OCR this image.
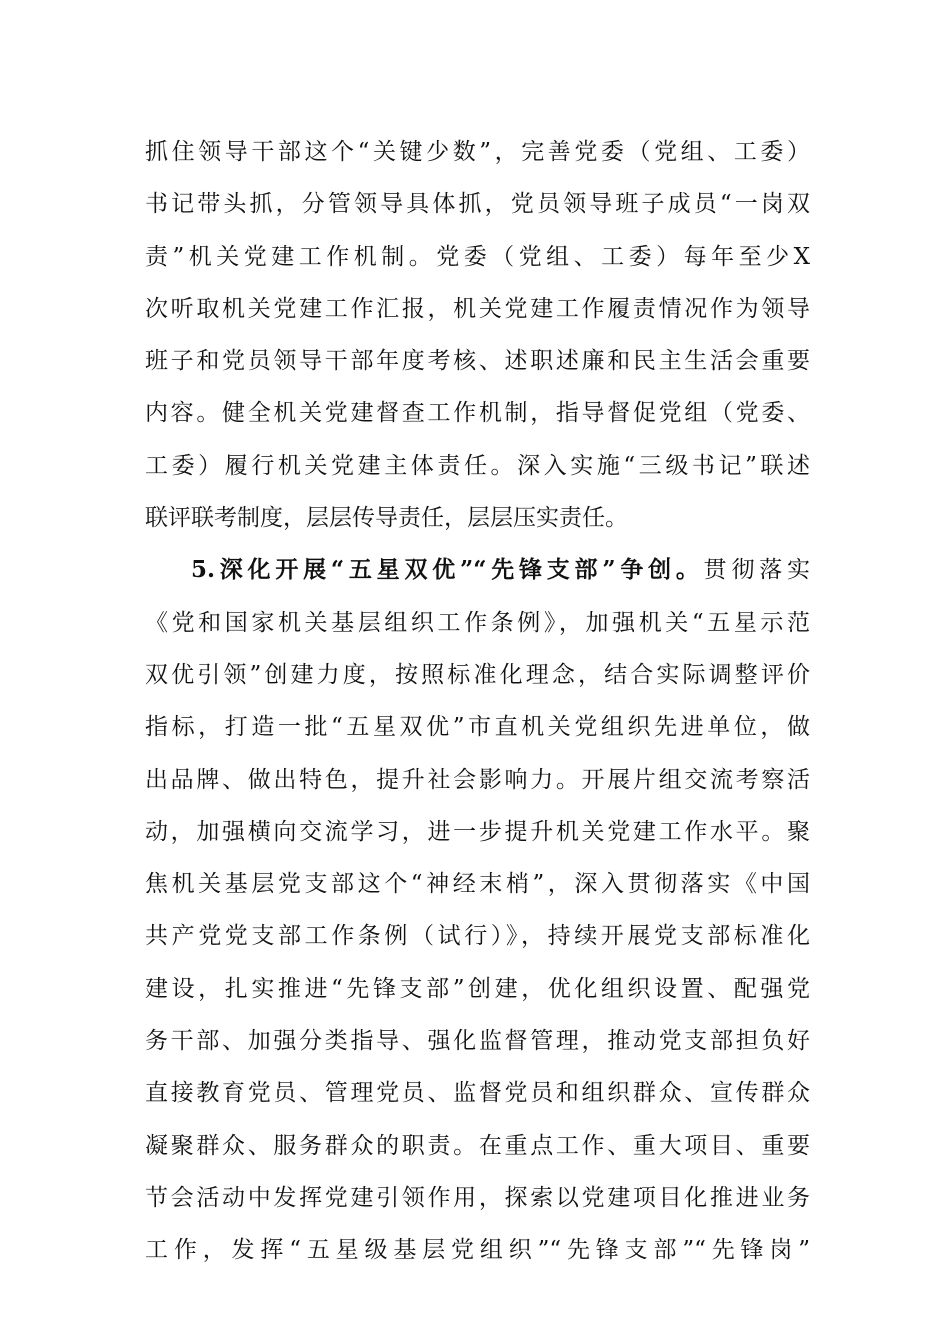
抓住领导干部这个“关键少数”，完善党委（党组、工委）
书记带头抓，分管领导具体抓，党员领导班子成员“一岗双
责”机关党建工作机制。党委（党组、工委）每年至少X
次听取机关党建工作汇报，机关党建工作履责情况作为领导
班子和党员领导干部年度考核、述职述廉和民主生活会重要
内容。健全机关党建督查工作机制，指导督促党组（党委、
工委）履行机关党建主体责任。深入实施“三级书记”联述
联评联考制度，层层传导责任，层层压实责任。
5.深化开展“五星双优”“先锋支部”争创。贯彻落实
《党和国家机关基层组织工作条例》，加强机关“五星示范
双优引领”创建力度，按照标准化理念，结合实际调整评价
指标，打造一批“五星双优”市直机关党组织先进单位，做
出品牌、做出特色，提升社会影响力。开展片组交流考察活
动，加强横向交流学习，进一步提升机关党建工作水平。聚
焦机关基层党支部这个“神经末梢”，深入贯彻落实《中国
共产党党支部工作条例（试行）》，持续开展党支部标准化
建设，扎实推进“先锋支部”创建，优化组织设置、配强党
务干部、加强分类指导、强化监督管理，推动党支部担负好
直接教育党员、管理党员、监督党员和组织群众、宣传群众
凝聚群众、服务群众的职责。在重点工作、重大项目、重要
节会活动中发挥党建引领作用，探索以党建项目化推进业务
工作，发挥“五星级基层党组织”“先锋支部”“先锋岗”
